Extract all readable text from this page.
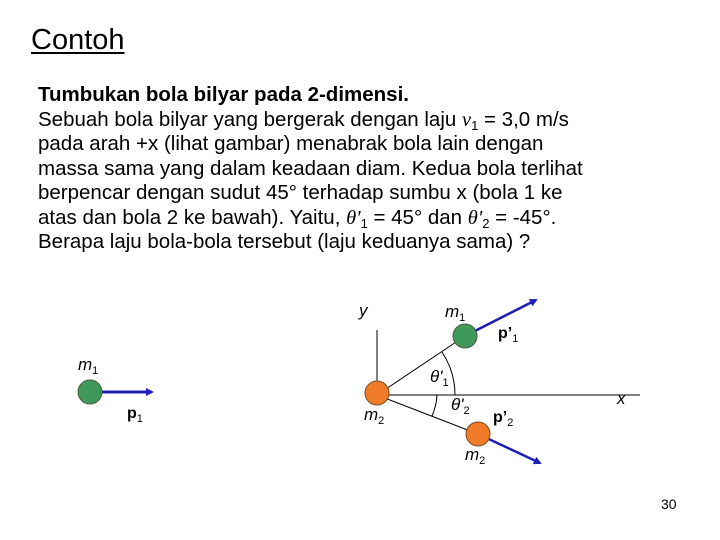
Contoh
Tumbukan bola bilyar pada 2-dimensi.
Sebuah bola bilyar yang bergerak dengan laju $v_1 = 3,0$ m/s
pada arah +x (lihat gambar) menabrak bola lain dengan
massa sama yang dalam keadaan diam. Kedua bola terlihat
berpencar dengan sudut 45° terhadap sumbu x (bola 1 ke
atas dan bola 2 ke bawah). Yaitu, $\theta'_1 = 45^\circ$ dan $\theta'_2 = -45^\circ$.
Berapa laju bola-bola tersebut (laju keduanya sama) ?
y
x
$m_1$
$p_1$	$m_2$
$m_1$
$p’_1$
$\theta'_1$
$\theta'_2$ $p’_2$
$m_2$
30
